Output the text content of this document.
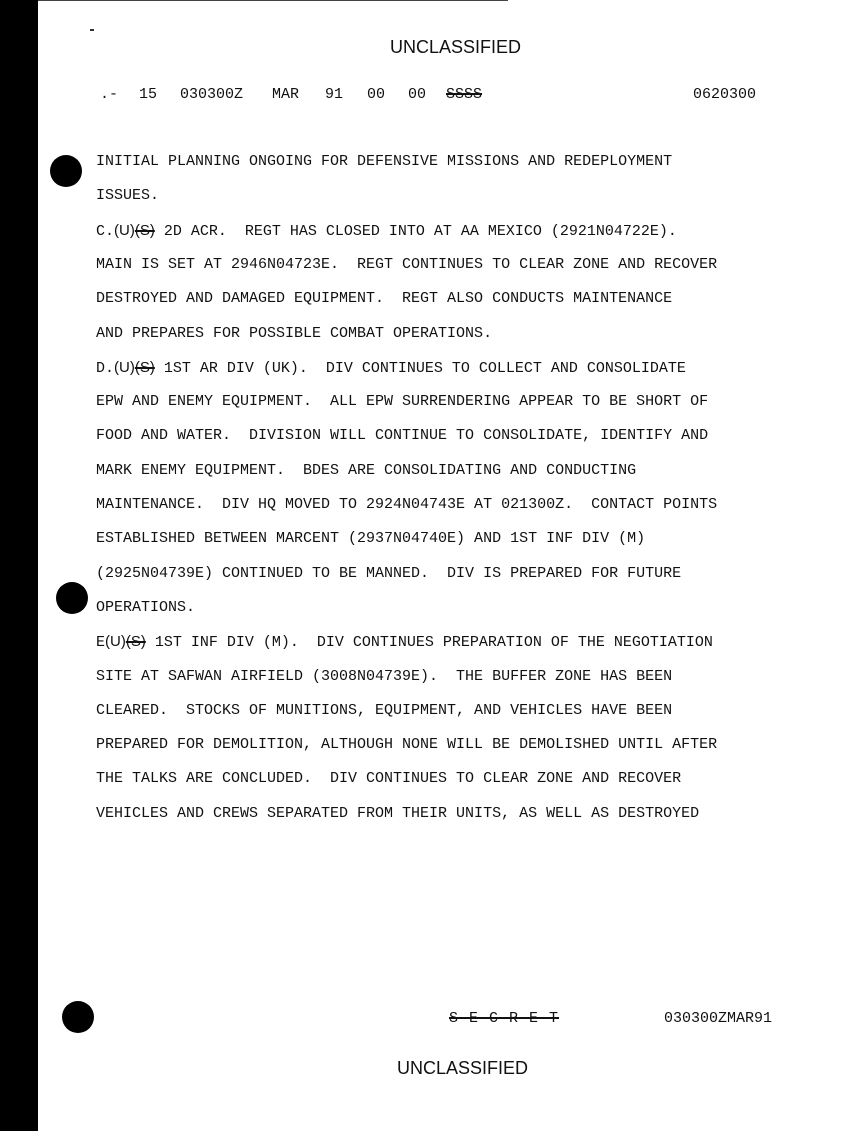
UNCLASSIFIED
.- 15 030300Z MAR 91 00 00 SSSS	0620300
INITIAL PLANNING ONGOING FOR DEFENSIVE MISSIONS AND REDEPLOYMENT
ISSUES.
C.(U)(S) 2D ACR.  REGT HAS CLOSED INTO AT AA MEXICO (2921N04722E).
MAIN IS SET AT 2946N04723E.  REGT CONTINUES TO CLEAR ZONE AND RECOVER
DESTROYED AND DAMAGED EQUIPMENT.  REGT ALSO CONDUCTS MAINTENANCE
AND PREPARES FOR POSSIBLE COMBAT OPERATIONS.
D.(U)(S) 1ST AR DIV (UK).  DIV CONTINUES TO COLLECT AND CONSOLIDATE
EPW AND ENEMY EQUIPMENT.  ALL EPW SURRENDERING APPEAR TO BE SHORT OF
FOOD AND WATER.  DIVISION WILL CONTINUE TO CONSOLIDATE, IDENTIFY AND
MARK ENEMY EQUIPMENT.  BDES ARE CONSOLIDATING AND CONDUCTING
MAINTENANCE.  DIV HQ MOVED TO 2924N04743E AT 021300Z.  CONTACT POINTS
ESTABLISHED BETWEEN MARCENT (2937N04740E) AND 1ST INF DIV (M)
(2925N04739E) CONTINUED TO BE MANNED.  DIV IS PREPARED FOR FUTURE
OPERATIONS.
E(U)(S) 1ST INF DIV (M).  DIV CONTINUES PREPARATION OF THE NEGOTIATION
SITE AT SAFWAN AIRFIELD (3008N04739E).  THE BUFFER ZONE HAS BEEN
CLEARED.  STOCKS OF MUNITIONS, EQUIPMENT, AND VEHICLES HAVE BEEN
PREPARED FOR DEMOLITION, ALTHOUGH NONE WILL BE DEMOLISHED UNTIL AFTER
THE TALKS ARE CONCLUDED.  DIV CONTINUES TO CLEAR ZONE AND RECOVER
VEHICLES AND CREWS SEPARATED FROM THEIR UNITS, AS WELL AS DESTROYED
S E C R E T	030300ZMAR91
UNCLASSIFIED
